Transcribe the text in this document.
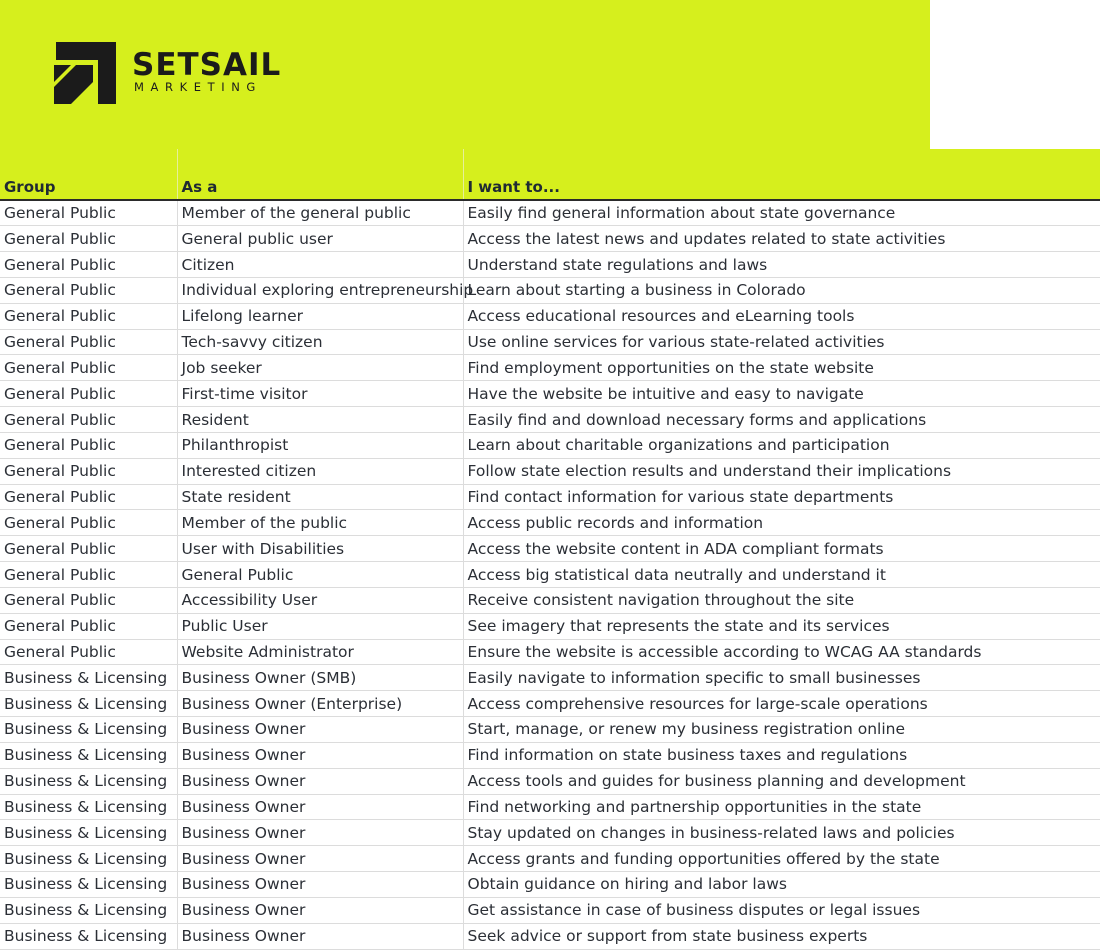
SETSAIL
MARKETING
Group	As a	I want to...
General Public	Member of the general public	Easily find general information about state governance
General Public	General public user	Access the latest news and updates related to state activities
General Public	Citizen	Understand state regulations and laws
General Public	Individual exploring entrepreneurship	Learn about starting a business in Colorado
General Public	Lifelong learner	Access educational resources and eLearning tools
General Public	Tech-savvy citizen	Use online services for various state-related activities
General Public	Job seeker	Find employment opportunities on the state website
General Public	First-time visitor	Have the website be intuitive and easy to navigate
General Public	Resident	Easily find and download necessary forms and applications
General Public	Philanthropist	Learn about charitable organizations and participation
General Public	Interested citizen	Follow state election results and understand their implications
General Public	State resident	Find contact information for various state departments
General Public	Member of the public	Access public records and information
General Public	User with Disabilities	Access the website content in ADA compliant formats
General Public	General Public	Access big statistical data neutrally and understand it
General Public	Accessibility User	Receive consistent navigation throughout the site
General Public	Public User	See imagery that represents the state and its services
General Public	Website Administrator	Ensure the website is accessible according to WCAG AA standards
Business & Licensing	Business Owner (SMB)	Easily navigate to information specific to small businesses
Business & Licensing	Business Owner (Enterprise)	Access comprehensive resources for large-scale operations
Business & Licensing	Business Owner	Start, manage, or renew my business registration online
Business & Licensing	Business Owner	Find information on state business taxes and regulations
Business & Licensing	Business Owner	Access tools and guides for business planning and development
Business & Licensing	Business Owner	Find networking and partnership opportunities in the state
Business & Licensing	Business Owner	Stay updated on changes in business-related laws and policies
Business & Licensing	Business Owner	Access grants and funding opportunities offered by the state
Business & Licensing	Business Owner	Obtain guidance on hiring and labor laws
Business & Licensing	Business Owner	Get assistance in case of business disputes or legal issues
Business & Licensing	Business Owner	Seek advice or support from state business experts
